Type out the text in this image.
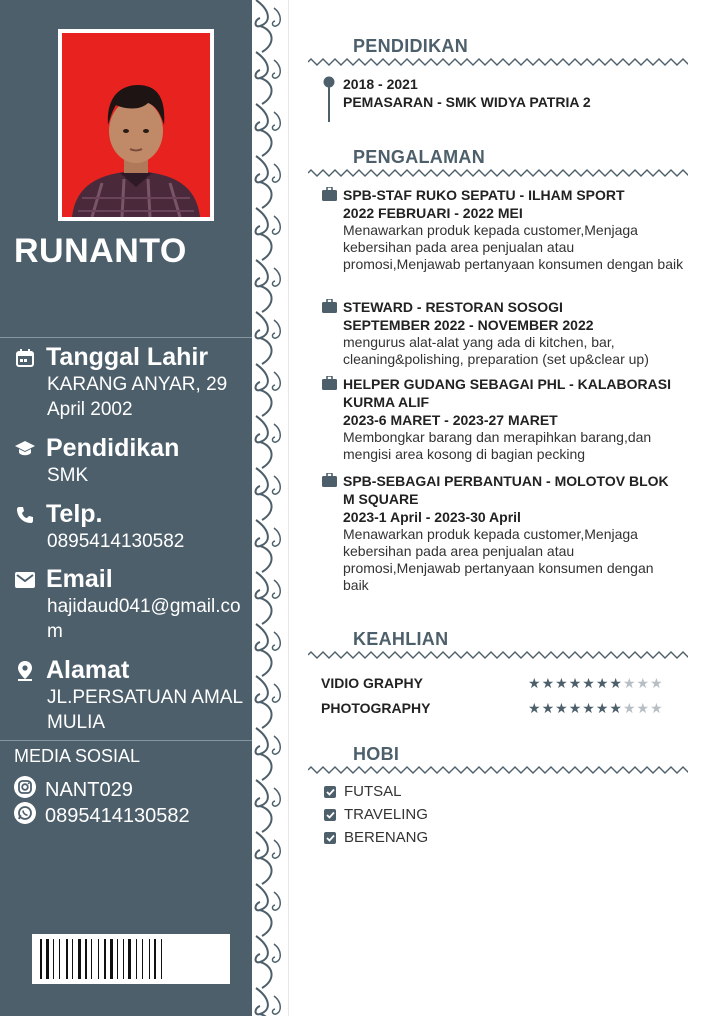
RUNANTO
Tanggal Lahir
KARANG ANYAR, 29 April 2002
Pendidikan
SMK
Telp.
0895414130582
Email
hajidaud041@gmail.com
Alamat
JL.PERSATUAN AMAL MULIA
MEDIA SOSIAL
NANT029
0895414130582
PENDIDIKAN
2018 - 2021
PEMASARAN - SMK WIDYA PATRIA 2
PENGALAMAN
SPB-STAF RUKO SEPATU - ILHAM SPORT
2022 FEBRUARI - 2022 MEI
Menawarkan produk kepada customer,Menjaga kebersihan pada area penjualan atau promosi,Menjawab pertanyaan konsumen dengan baik
STEWARD - RESTORAN SOSOGI
SEPTEMBER 2022 - NOVEMBER 2022
mengurus alat-alat yang ada di kitchen, bar, cleaning&polishing, preparation (set up&clear up)
HELPER GUDANG SEBAGAI PHL - KALABORASI KURMA ALIF
2023-6 MARET - 2023-27 MARET
Membongkar barang dan merapihkan barang,dan mengisi area kosong di bagian pecking
SPB-SEBAGAI PERBANTUAN - MOLOTOV BLOK M SQUARE
2023-1 April - 2023-30 April
Menawarkan produk kepada customer,Menjaga kebersihan pada area penjualan atau promosi,Menjawab pertanyaan konsumen dengan baik
KEAHLIAN
VIDIO GRAPHY	★ ★ ★ ★ ★ ★ ★ ★ ★ ★
PHOTOGRAPHY	★ ★ ★ ★ ★ ★ ★ ★ ★ ★
HOBI
FUTSAL
TRAVELING
BERENANG
